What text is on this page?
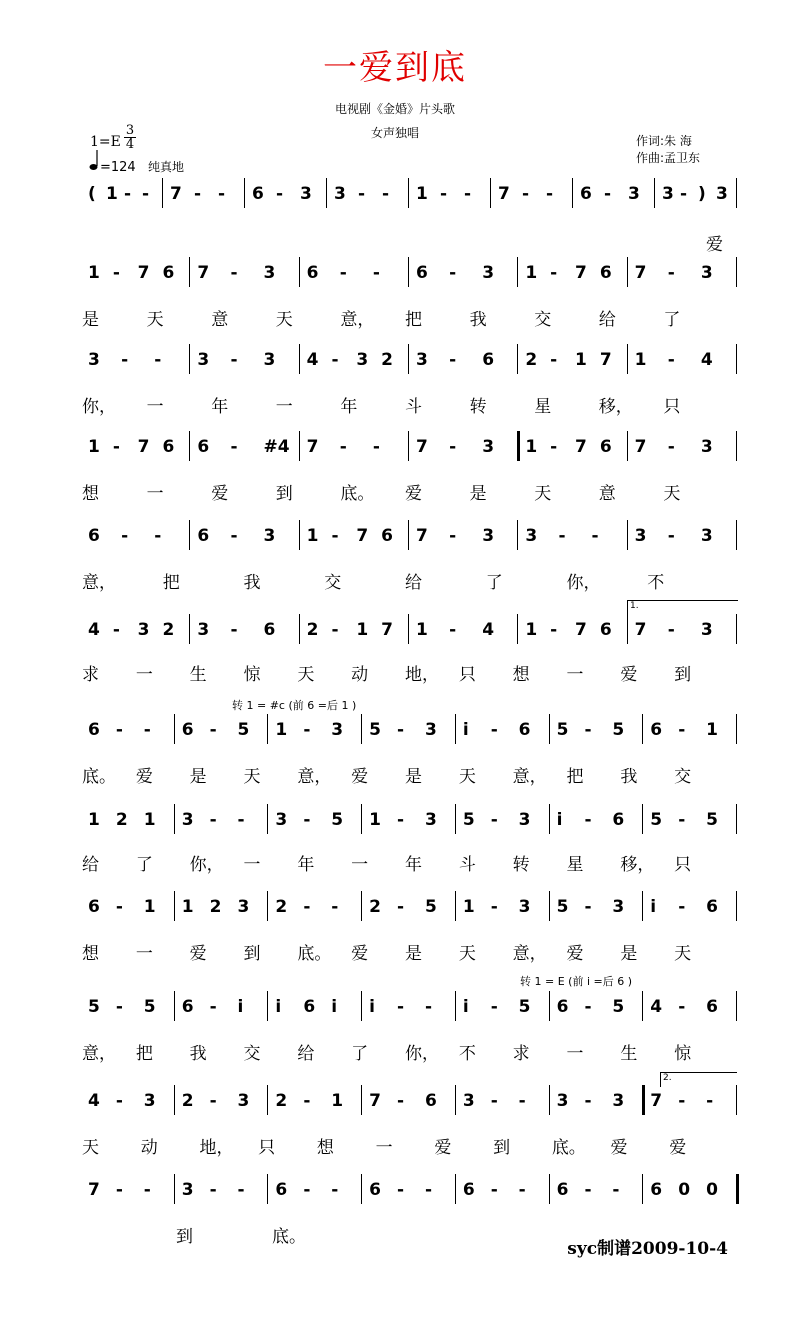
一爱到底
电视剧《金婚》片头歌
女声独唱
1=E
3
4
=124 纯真地
作词:朱 海
作曲:孟卫东
转 1 = #c (前 6 =后 1 )
转 1 = E (前 i =后 6 )
1.
2.
( 1 - - 7 - - 6 - 3 3 - - 1 - - 7 - - 6 - 3 3 - ) 3
爱
1 - 7 6 7 - 3 6 - - 6 - 3 1 - 7 6 7 - 3
是	天	意	天	意， 把	我	交	给	了
3 - - 3 - 3 4 - 3 2 3 - 6 2 - 1 7 1 - 4
你， 一	年	一	年	斗	转	星	移， 只
1 - 7 6 6 - #4 7 - - 7 - 3 1 - 7 6 7 - 3
想	一	爱	到	底。 爱	是	天	意	天
6 - - 6 - 3 1 - 7 6 7 - 3 3 - - 3 - 3
意，	把	我	交	给	了	你，	不
4 - 3 2 3 - 6 2 - 1 7 1 - 4 1 - 7 6 7 - 3
求 一 生 惊 天 动 地， 只 想 一 爱 到
6 - - 6 - 5 1 - 3 5 - 3 i - 6 5 - 5 6 - 1
底。 爱 是 天 意， 爱 是 天 意， 把 我 交
1 2 1 3 - - 3 - 5 1 - 3 5 - 3 i - 6 5 - 5
给 了 你， 一 年 一 年 斗 转 星 移， 只
6 - 1 1 2 3 2 - - 2 - 5 1 - 3 5 - 3 i - 6
想 一 爱 到 底。 爱 是 天 意， 爱 是 天
5 - 5 6 - i i 6 i i - - i - 5 6 - 5 4 - 6
意， 把 我 交 给 了 你， 不 求 一 生 惊
4 - 3 2 - 3 2 - 1 7 - 6 3 - - 3 - 3 7 - -
天 动 地， 只 想 一 爱 到 底。 爱 爱
7 - - 3 - - 6 - - 6 - - 6 - - 6 - - 6 0 0
到	底。
syc制谱2009-10-4
